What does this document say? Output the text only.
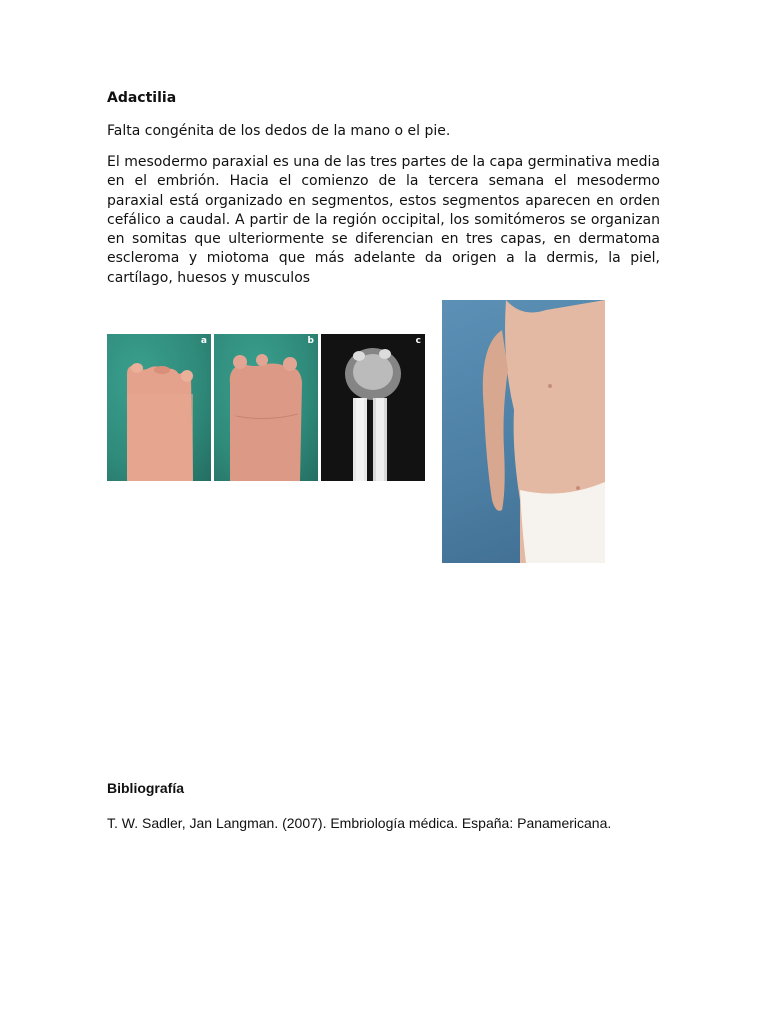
Adactilia
Falta congénita de los dedos de la mano o el pie.
El mesodermo paraxial es una de las tres partes de la capa germinativa media en el embrión. Hacia el comienzo de la tercera semana el mesodermo paraxial está organizado en segmentos, estos segmentos aparecen en orden cefálico a caudal. A partir de la región occipital, los somitómeros se organizan en somitas que ulteriormente se diferencian en tres capas, en dermatoma escleroma y miotoma que más adelante da origen a la dermis, la piel, cartílago, huesos y musculos
a	b	c
Bibliografía
T. W. Sadler, Jan Langman. (2007). Embriología médica. España: Panamericana.
